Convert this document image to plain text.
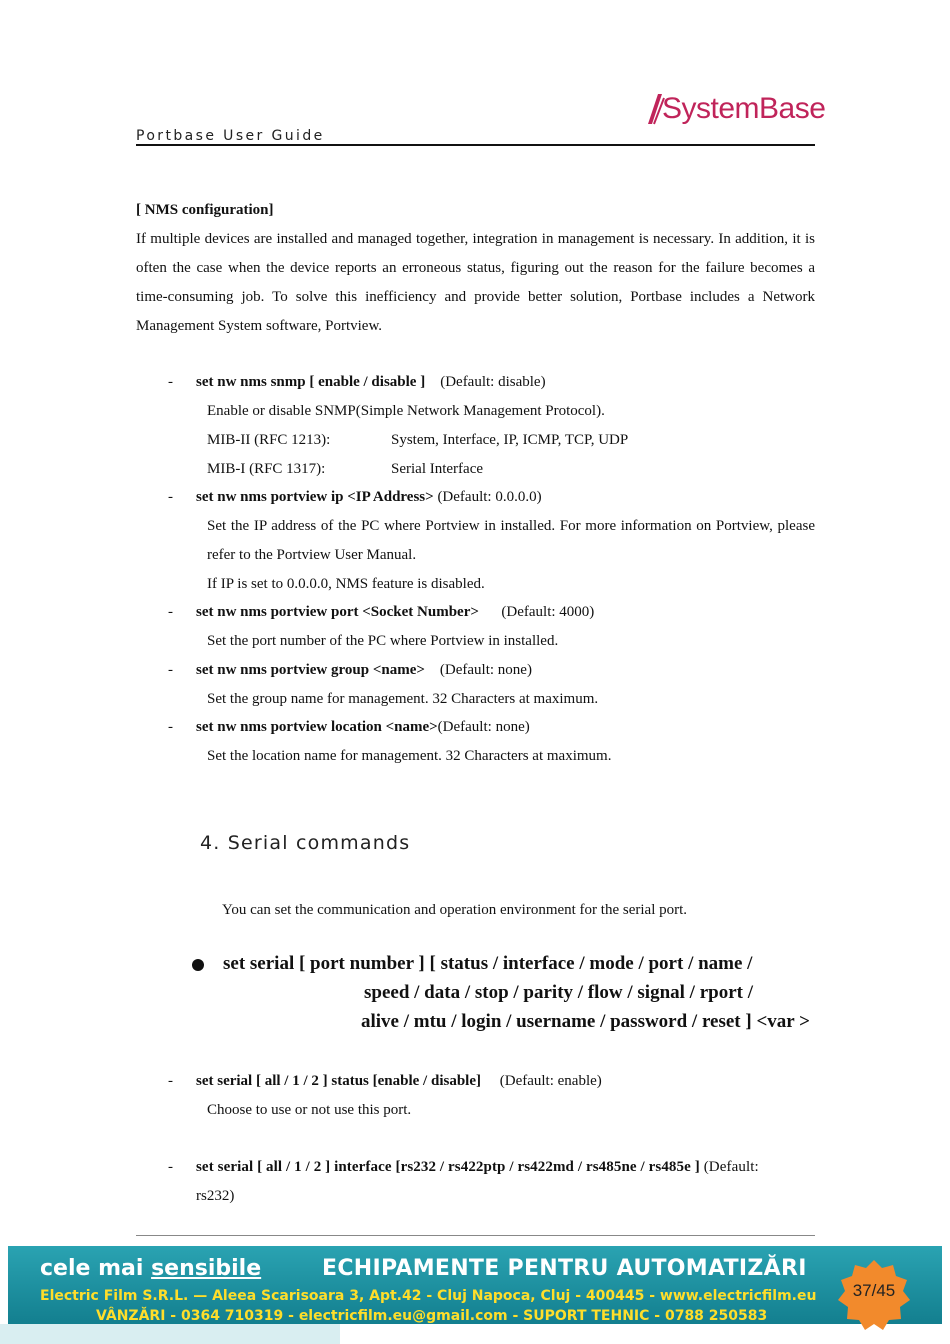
SystemBase
Portbase User Guide
[ NMS configuration]
If multiple devices are installed and managed together, integration in management is necessary. In addition, it is often the case when the device reports an erroneous status, figuring out the reason for the failure becomes a time-consuming job. To solve this inefficiency and provide better solution, Portbase includes a Network Management System software, Portview.
- set nw nms snmp [ enable / disable ] (Default: disable)
Enable or disable SNMP(Simple Network Management Protocol).
MIB-II (RFC 1213):	System, Interface, IP, ICMP, TCP, UDP
MIB-I (RFC 1317):	Serial Interface
- set nw nms portview ip <IP Address> (Default: 0.0.0.0)
Set the IP address of the PC where Portview in installed. For more information on Portview, please refer to the Portview User Manual.
If IP is set to 0.0.0.0, NMS feature is disabled.
- set nw nms portview port <Socket Number> (Default: 4000)
Set the port number of the PC where Portview in installed.
- set nw nms portview group <name> (Default: none)
Set the group name for management. 32 Characters at maximum.
- set nw nms portview location <name>(Default: none)
Set the location name for management. 32 Characters at maximum.
4. Serial commands
You can set the communication and operation environment for the serial port.
set serial [ port number ] [ status / interface / mode / port / name /
speed / data / stop / parity / flow / signal / rport /
alive / mtu / login / username / password / reset ] <var >
- set serial [ all / 1 / 2 ] status [enable / disable] (Default: enable)
Choose to use or not use this port.
- set serial [ all / 1 / 2 ] interface [rs232 / rs422ptp / rs422md / rs485ne / rs485e ] (Default:
rs232)
cele mai sensibile	ECHIPAMENTE PENTRU AUTOMATIZĂRI
Electric Film S.R.L. — Aleea Scarisoara 3, Apt.42 - Cluj Napoca, Cluj - 400445 - www.electricfilm.eu
VÂNZĂRI - 0364 710319 - electricfilm.eu@gmail.com - SUPORT TEHNIC - 0788 250583
37/45
